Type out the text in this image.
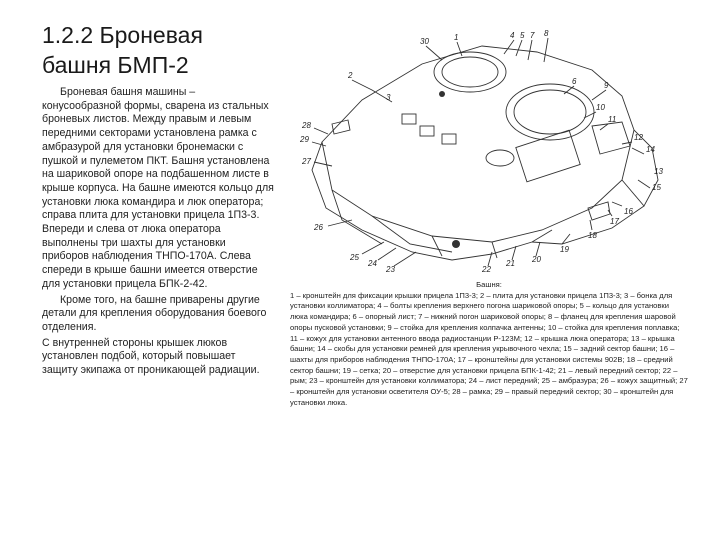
1.2.2 Броневая
башня БМП-2

Броневая башня машины – конусообразной формы, сварена из стальных броневых листов. Между правым и левым передними секторами установлена рамка с амбразурой для установки бронемаски с пушкой и пулеметом ПКТ. Башня установлена на шариковой опоре на подбашенном листе в крыше корпуса. На башне имеются кольцо для установки люка командира и люк оператора; справа плита для установки прицела 1П3-3. Впереди и слева от люка оператора выполнены три шахты для установки приборов наблюдения ТНПО-170А. Слева спереди в крыше башни имеется отверстие для установки прицела БПК-2-42.

Кроме того, на башне приварены другие детали для крепления оборудования боевого отделения.

С внутренней стороны крышек люков установлен подбой, который повышает защиту экипажа от проникающей радиации.

30	1	4 5 7 8
2
10
11
12
14
15
9
6
28
29
27
26
25
24
23	22
21 20
19
18
17
16
13
3
Башня:
1 – кронштейн для фиксации крышки прицела 1П3-3; 2 – плита для установки прицела 1П3-3; 3 – бонка для установки коллиматора; 4 – болты крепления верхнего погона шариковой опоры; 5 – кольцо для установки люка командира; 6 – опорный лист; 7 – нижний погон шариковой опоры; 8 – фланец для крепления шаровой опоры пусковой установки; 9 – стойка для крепления колпачка антенны; 10 – стойка для крепления поплавка; 11 – кожух для установки антенного ввода радиостанции Р-123М; 12 – крышка люка оператора; 13 – крышка башни; 14 – скобы для установки ремней для крепления укрывочного чехла; 15 – задний сектор башни; 16 – шахты для приборов наблюдения ТНПО-170А; 17 – кронштейны для установки системы 902В; 18 – средний сектор башни; 19 – сетка; 20 – отверстие для установки прицела БПК-1-42; 21 – левый передний сектор; 22 – рым; 23 – кронштейн для установки коллиматора; 24 – лист передний; 25 – амбразура; 26 – кожух защитный; 27 – кронштейн для установки осветителя ОУ-5; 28 – рамка; 29 – правый передний сектор; 30 – кронштейн для установки люка.
